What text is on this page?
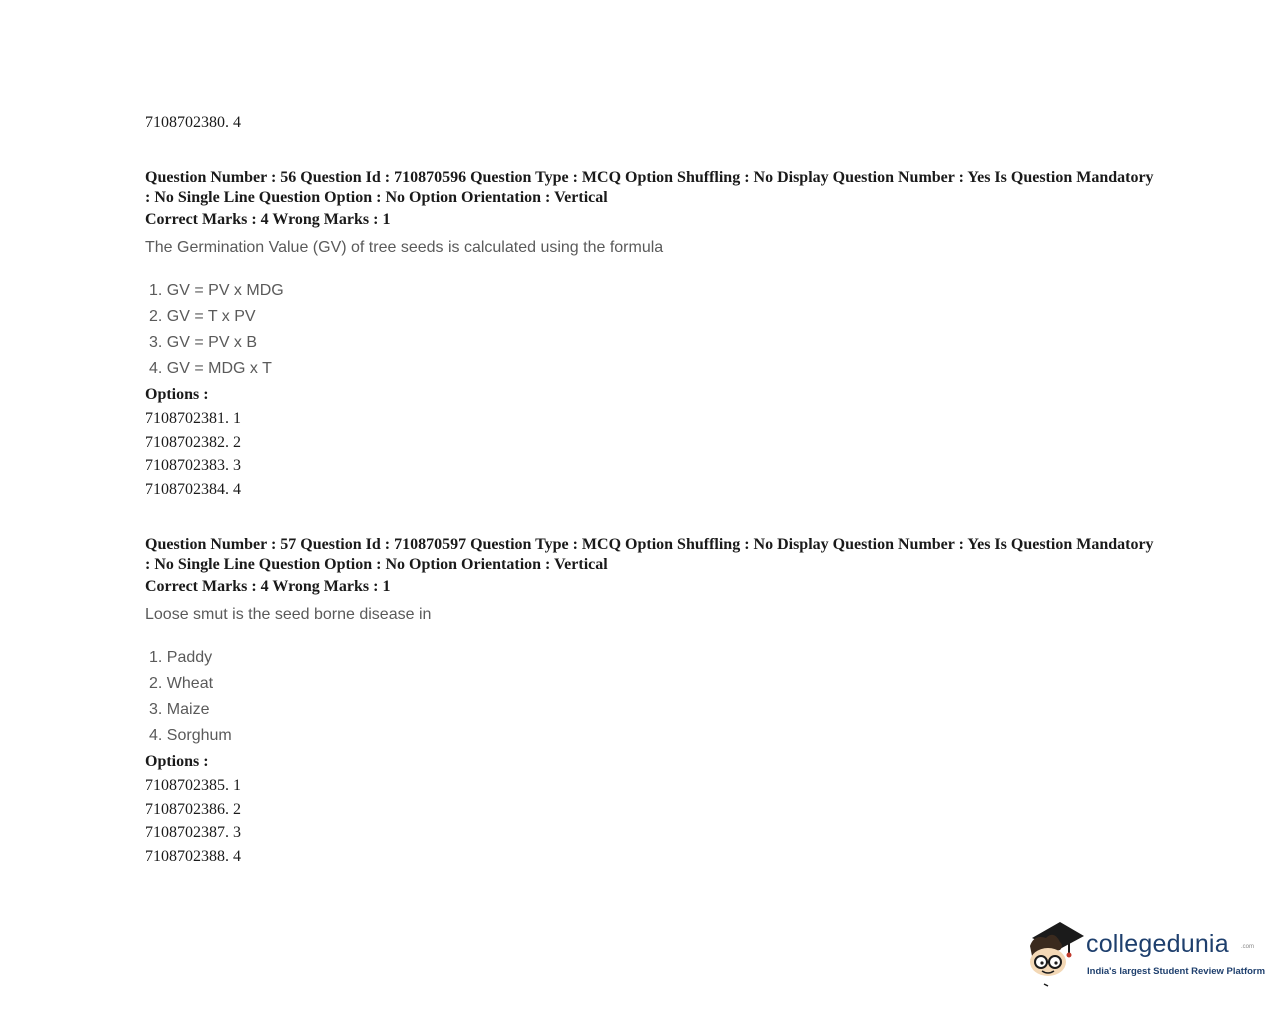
7108702380. 4
Question Number : 56 Question Id : 710870596 Question Type : MCQ Option Shuffling : No Display Question Number : Yes Is Question Mandatory : No Single Line Question Option : No Option Orientation : Vertical
Correct Marks : 4 Wrong Marks : 1
The Germination Value (GV) of tree seeds is calculated using the formula
1. GV = PV x MDG
2. GV = T x PV
3. GV = PV x B
4. GV = MDG x T
Options :
7108702381. 1
7108702382. 2
7108702383. 3
7108702384. 4
Question Number : 57 Question Id : 710870597 Question Type : MCQ Option Shuffling : No Display Question Number : Yes Is Question Mandatory : No Single Line Question Option : No Option Orientation : Vertical
Correct Marks : 4 Wrong Marks : 1
Loose smut is the seed borne disease in
1. Paddy
2. Wheat
3. Maize
4. Sorghum
Options :
7108702385. 1
7108702386. 2
7108702387. 3
7108702388. 4
collegedunia .com
India's largest Student Review Platform
